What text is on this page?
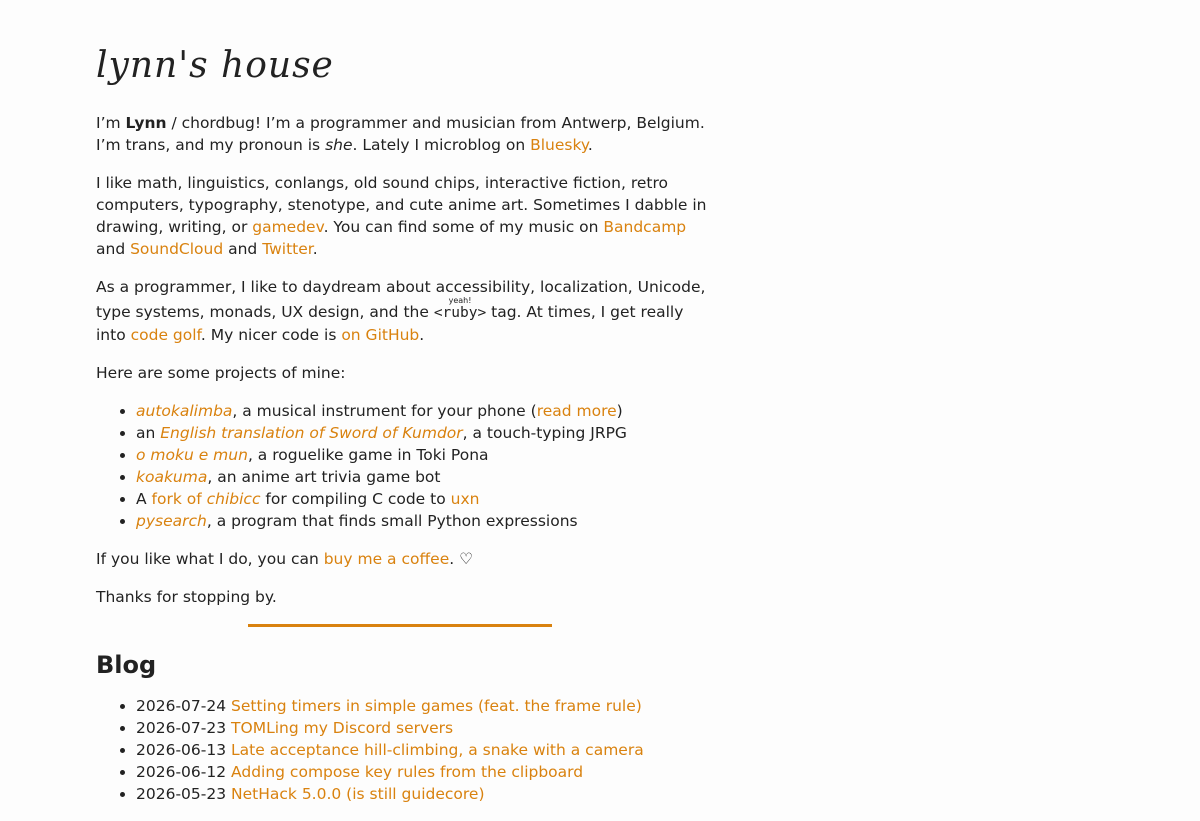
lynn's house

I’m Lynn / chordbug! I’m a programmer and musician from Antwerp, Belgium. I’m trans, and my pronoun is she. Lately I microblog on Bluesky.

I like math, linguistics, conlangs, old sound chips, interactive fiction, retro computers, typography, stenotype, and cute anime art. Sometimes I dabble in drawing, writing, or gamedev. You can find some of my music on Bandcamp and SoundCloud and Twitter.

As a programmer, I like to daydream about accessibility, localization, Unicode, type systems, monads, UX design, and the <ruby>yeah! tag. At times, I get really into code golf. My nicer code is on GitHub.

Here are some projects of mine:

• autokalimba, a musical instrument for your phone (read more)
• an English translation of Sword of Kumdor, a touch-typing JRPG
• o moku e mun, a roguelike game in Toki Pona
• koakuma, an anime art trivia game bot
• A fork of chibicc for compiling C code to uxn
• pysearch, a program that finds small Python expressions

If you like what I do, you can buy me a coffee. ♡

Thanks for stopping by.

Blog
• 2026-07-24 Setting timers in simple games (feat. the frame rule)
• 2026-07-23 TOMLing my Discord servers
• 2026-06-13 Late acceptance hill-climbing, a snake with a camera
• 2026-06-12 Adding compose key rules from the clipboard
• 2026-05-23 NetHack 5.0.0 (is still guidecore)
